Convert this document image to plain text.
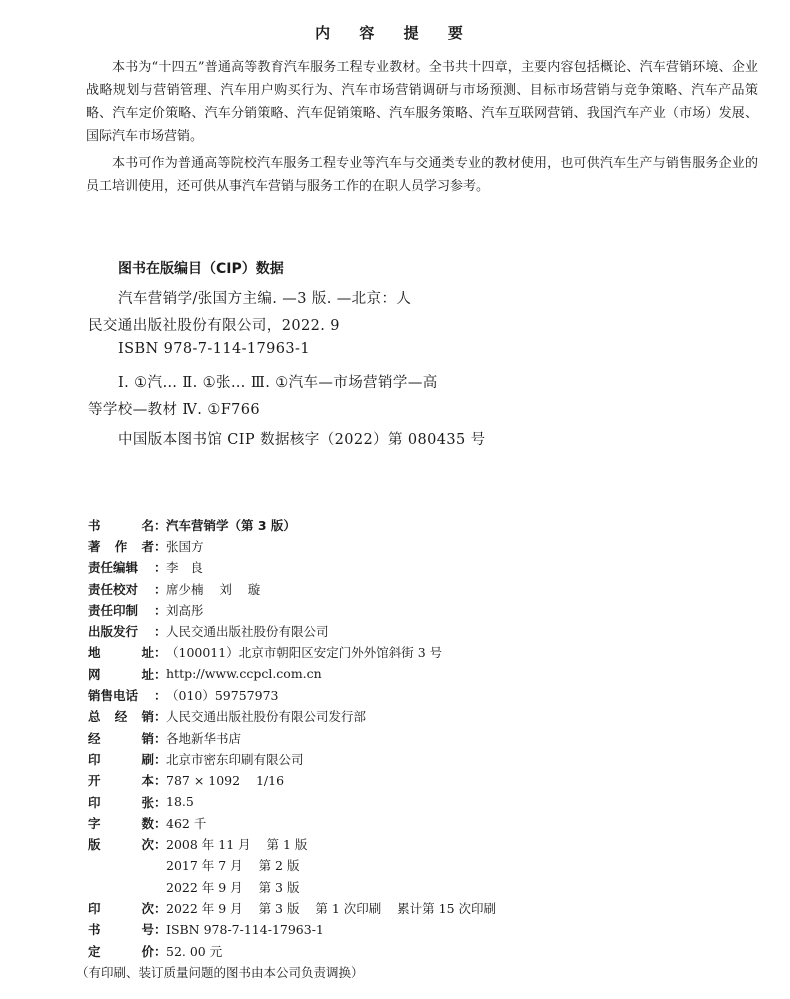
内 容 提 要

本书为“十四五”普通高等教育汽车服务工程专业教材。全书共十四章，主要内容包括概论、汽车营销环境、企业战略规划与营销管理、汽车用户购买行为、汽车市场营销调研与市场预测、目标市场营销与竞争策略、汽车产品策略、汽车定价策略、汽车分销策略、汽车促销策略、汽车服务策略、汽车互联网营销、我国汽车产业（市场）发展、国际汽车市场营销。

本书可作为普通高等院校汽车服务工程专业等汽车与交通类专业的教材使用，也可供汽车生产与销售服务企业的员工培训使用，还可供从事汽车营销与服务工作的在职人员学习参考。

图书在版编目（CIP）数据
汽车营销学/张国方主编. —3 版. —北京：人
民交通出版社股份有限公司，2022. 9
ISBN 978-7-114-17963-1
Ⅰ. ①汽… Ⅱ. ①张… Ⅲ. ①汽车—市场营销学—高
等学校—教材 Ⅳ. ①F766
中国版本图书馆 CIP 数据核字（2022）第 080435 号
书	名 ： 汽车营销学（第 3 版）
著 作 者 ： 张国方
责任编辑	： 李   良
责任校对	： 席少楠    刘    璇
责任印制	： 刘高彤
出版发行	： 人民交通出版社股份有限公司
地	址 ： （100011）北京市朝阳区安定门外外馆斜街 3 号
网	址 ： http://www.ccpcl.com.cn
销售电话	： （010）59757973
总 经 销 ： 人民交通出版社股份有限公司发行部
经	销 ： 各地新华书店
印	刷 ： 北京市密东印刷有限公司
开	本 ： 787 × 1092    1/16
印	张 ： 18.5
字	数 ： 462 千
版	次 ： 2008 年 11 月    第 1 版
2017 年 7 月    第 2 版
2022 年 9 月    第 3 版
印	次 ： 2022 年 9 月    第 3 版    第 1 次印刷    累计第 15 次印刷
书	号 ： ISBN 978-7-114-17963-1
定	价 ： 52. 00 元
（有印刷、装订质量问题的图书由本公司负责调换）
